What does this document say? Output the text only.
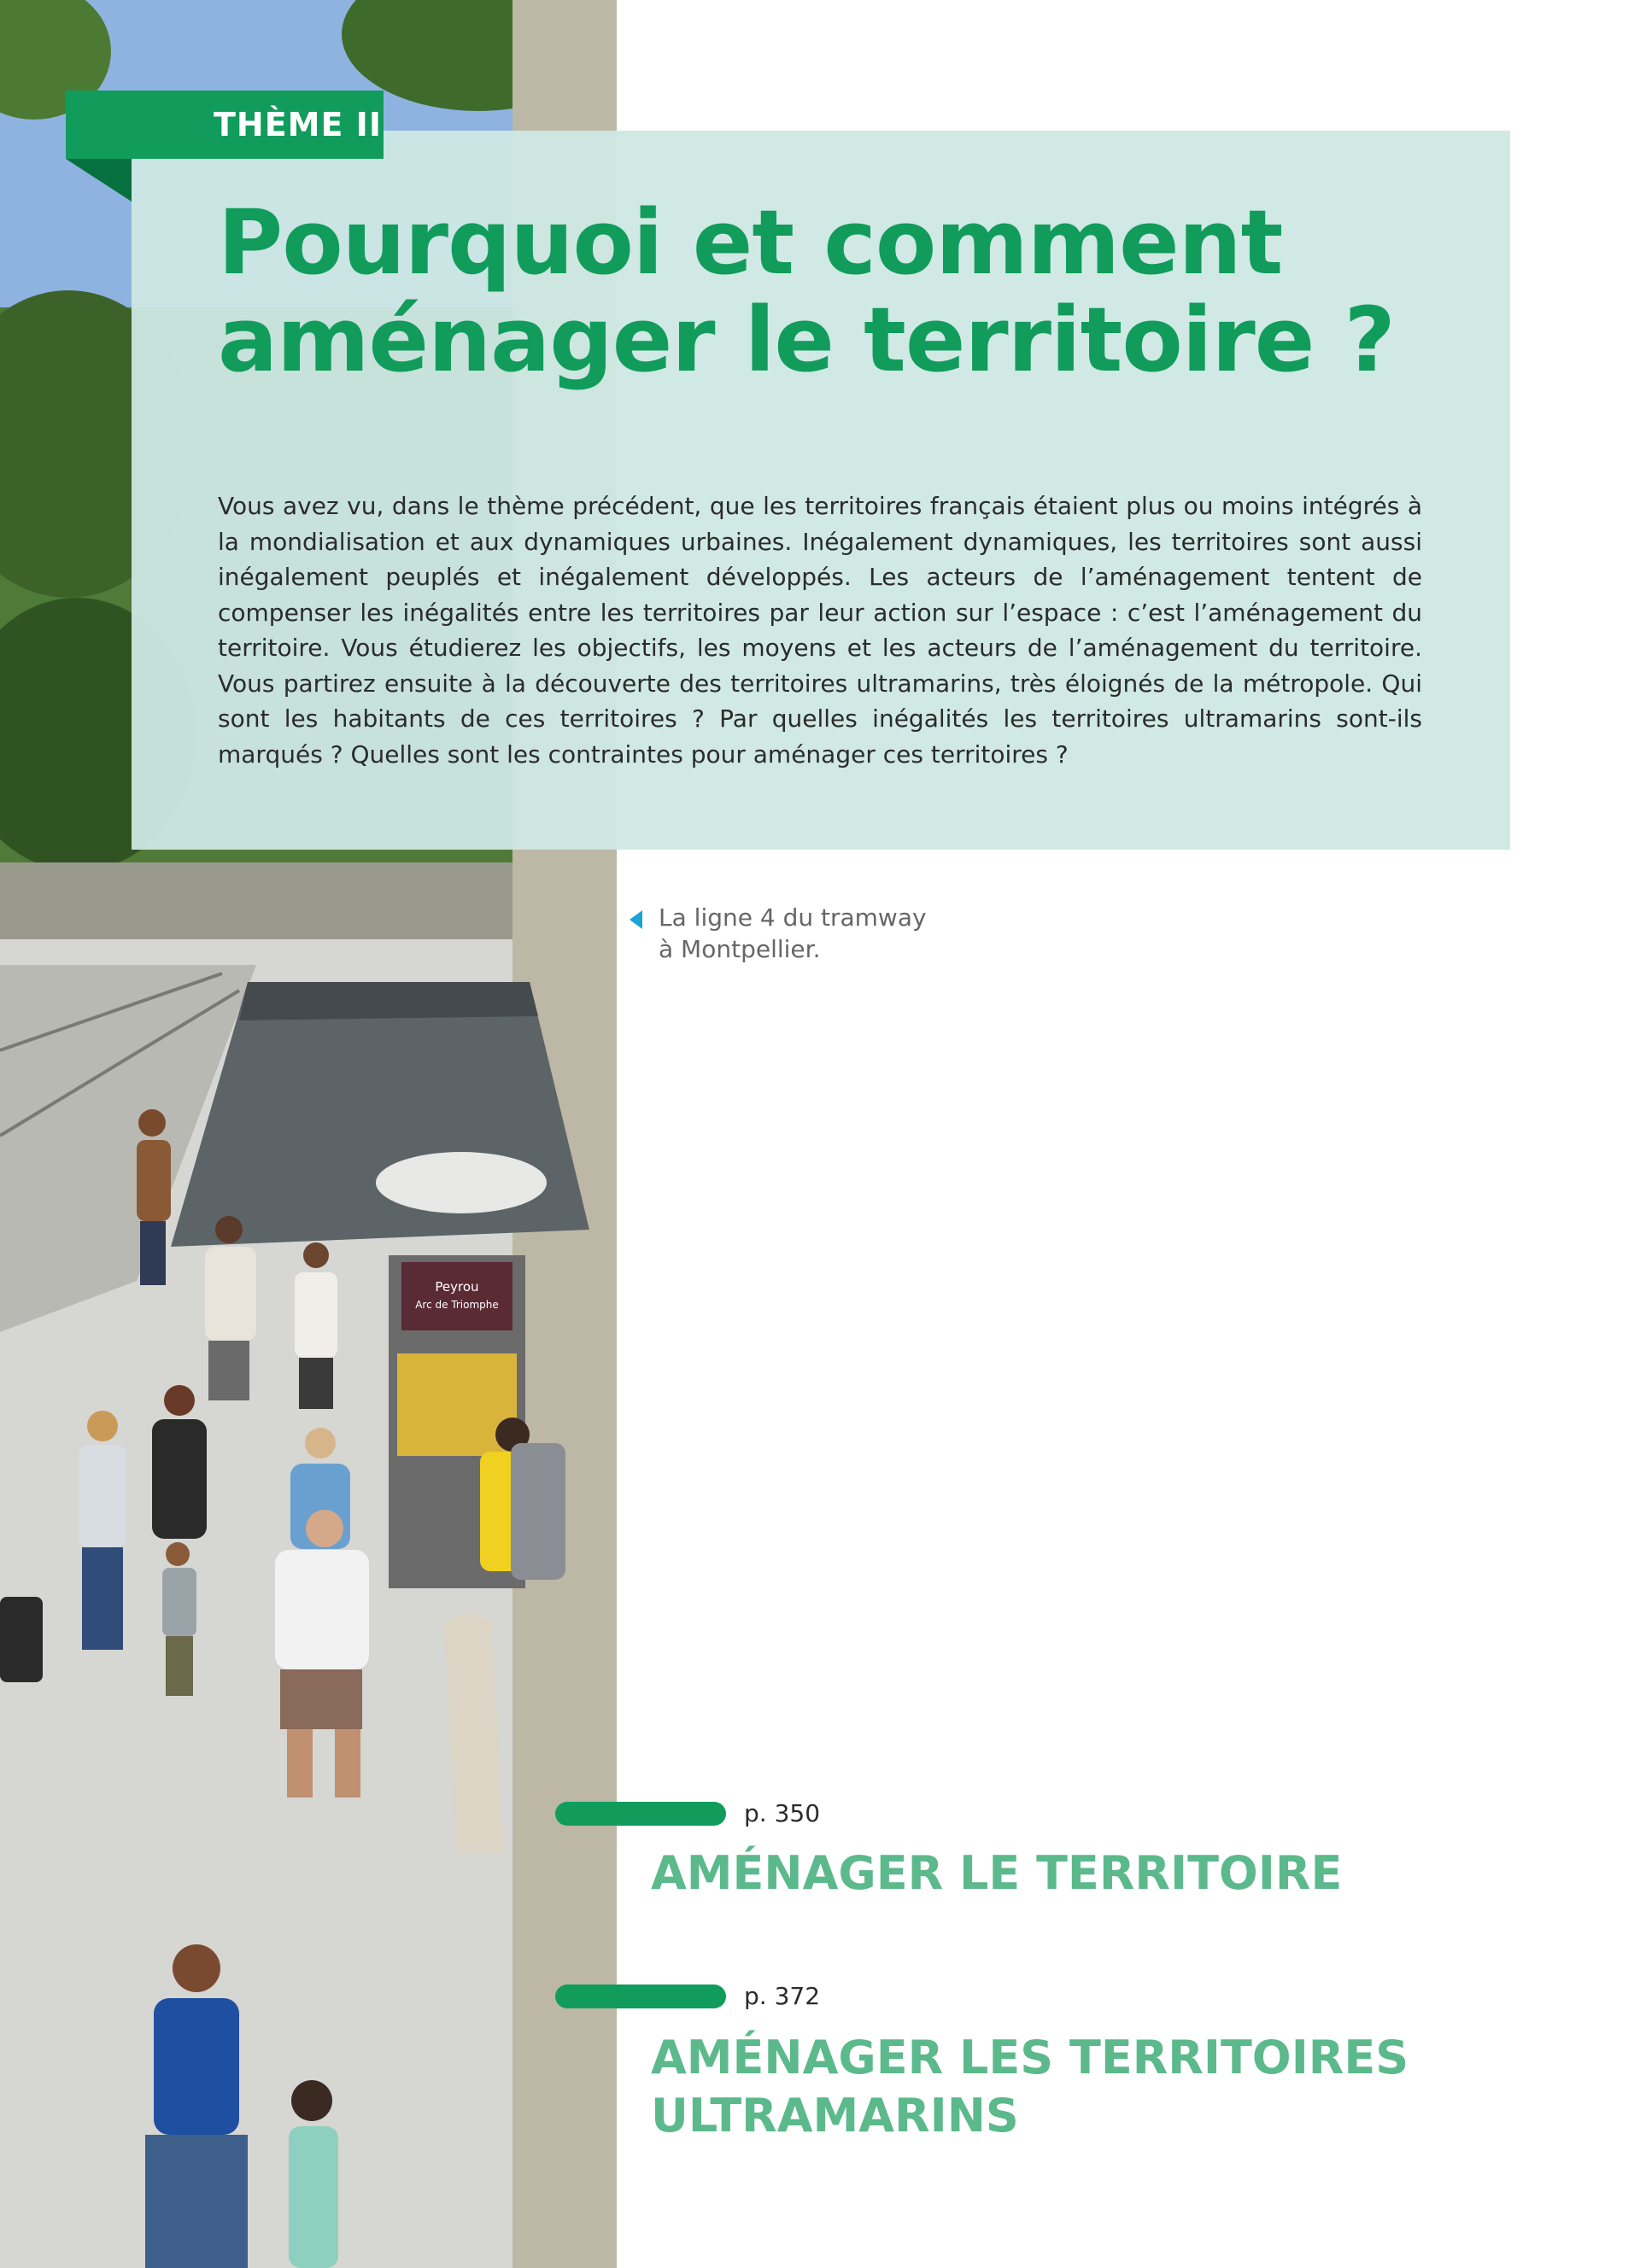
Peyrou
Arc de Triomphe
THÈME II
Pourquoi et comment
aménager le territoire ?

Vous avez vu, dans le thème précédent, que les territoires français étaient plus ou moins intégrés à la mondialisation et aux dynamiques urbaines. Inégalement dynamiques, les territoires sont aussi inégalement peuplés et inégalement développés. Les acteurs de l’aménagement tentent de compenser les inégalités entre les territoires par leur action sur l’espace : c’est l’aménagement du territoire. Vous étudierez les objectifs, les moyens et les acteurs de l’aménagement du territoire. Vous partirez ensuite à la découverte des territoires ultramarins, très éloignés de la métropole. Qui sont les habitants de ces territoires ? Par quelles inégalités les territoires ultramarins sont-ils marqués ? Quelles sont les contraintes pour aménager ces territoires ?

La ligne 4 du tramway
à Montpellier.
p. 350
AMÉNAGER LE TERRITOIRE
p. 372
AMÉNAGER LES TERRITOIRES
ULTRAMARINS
